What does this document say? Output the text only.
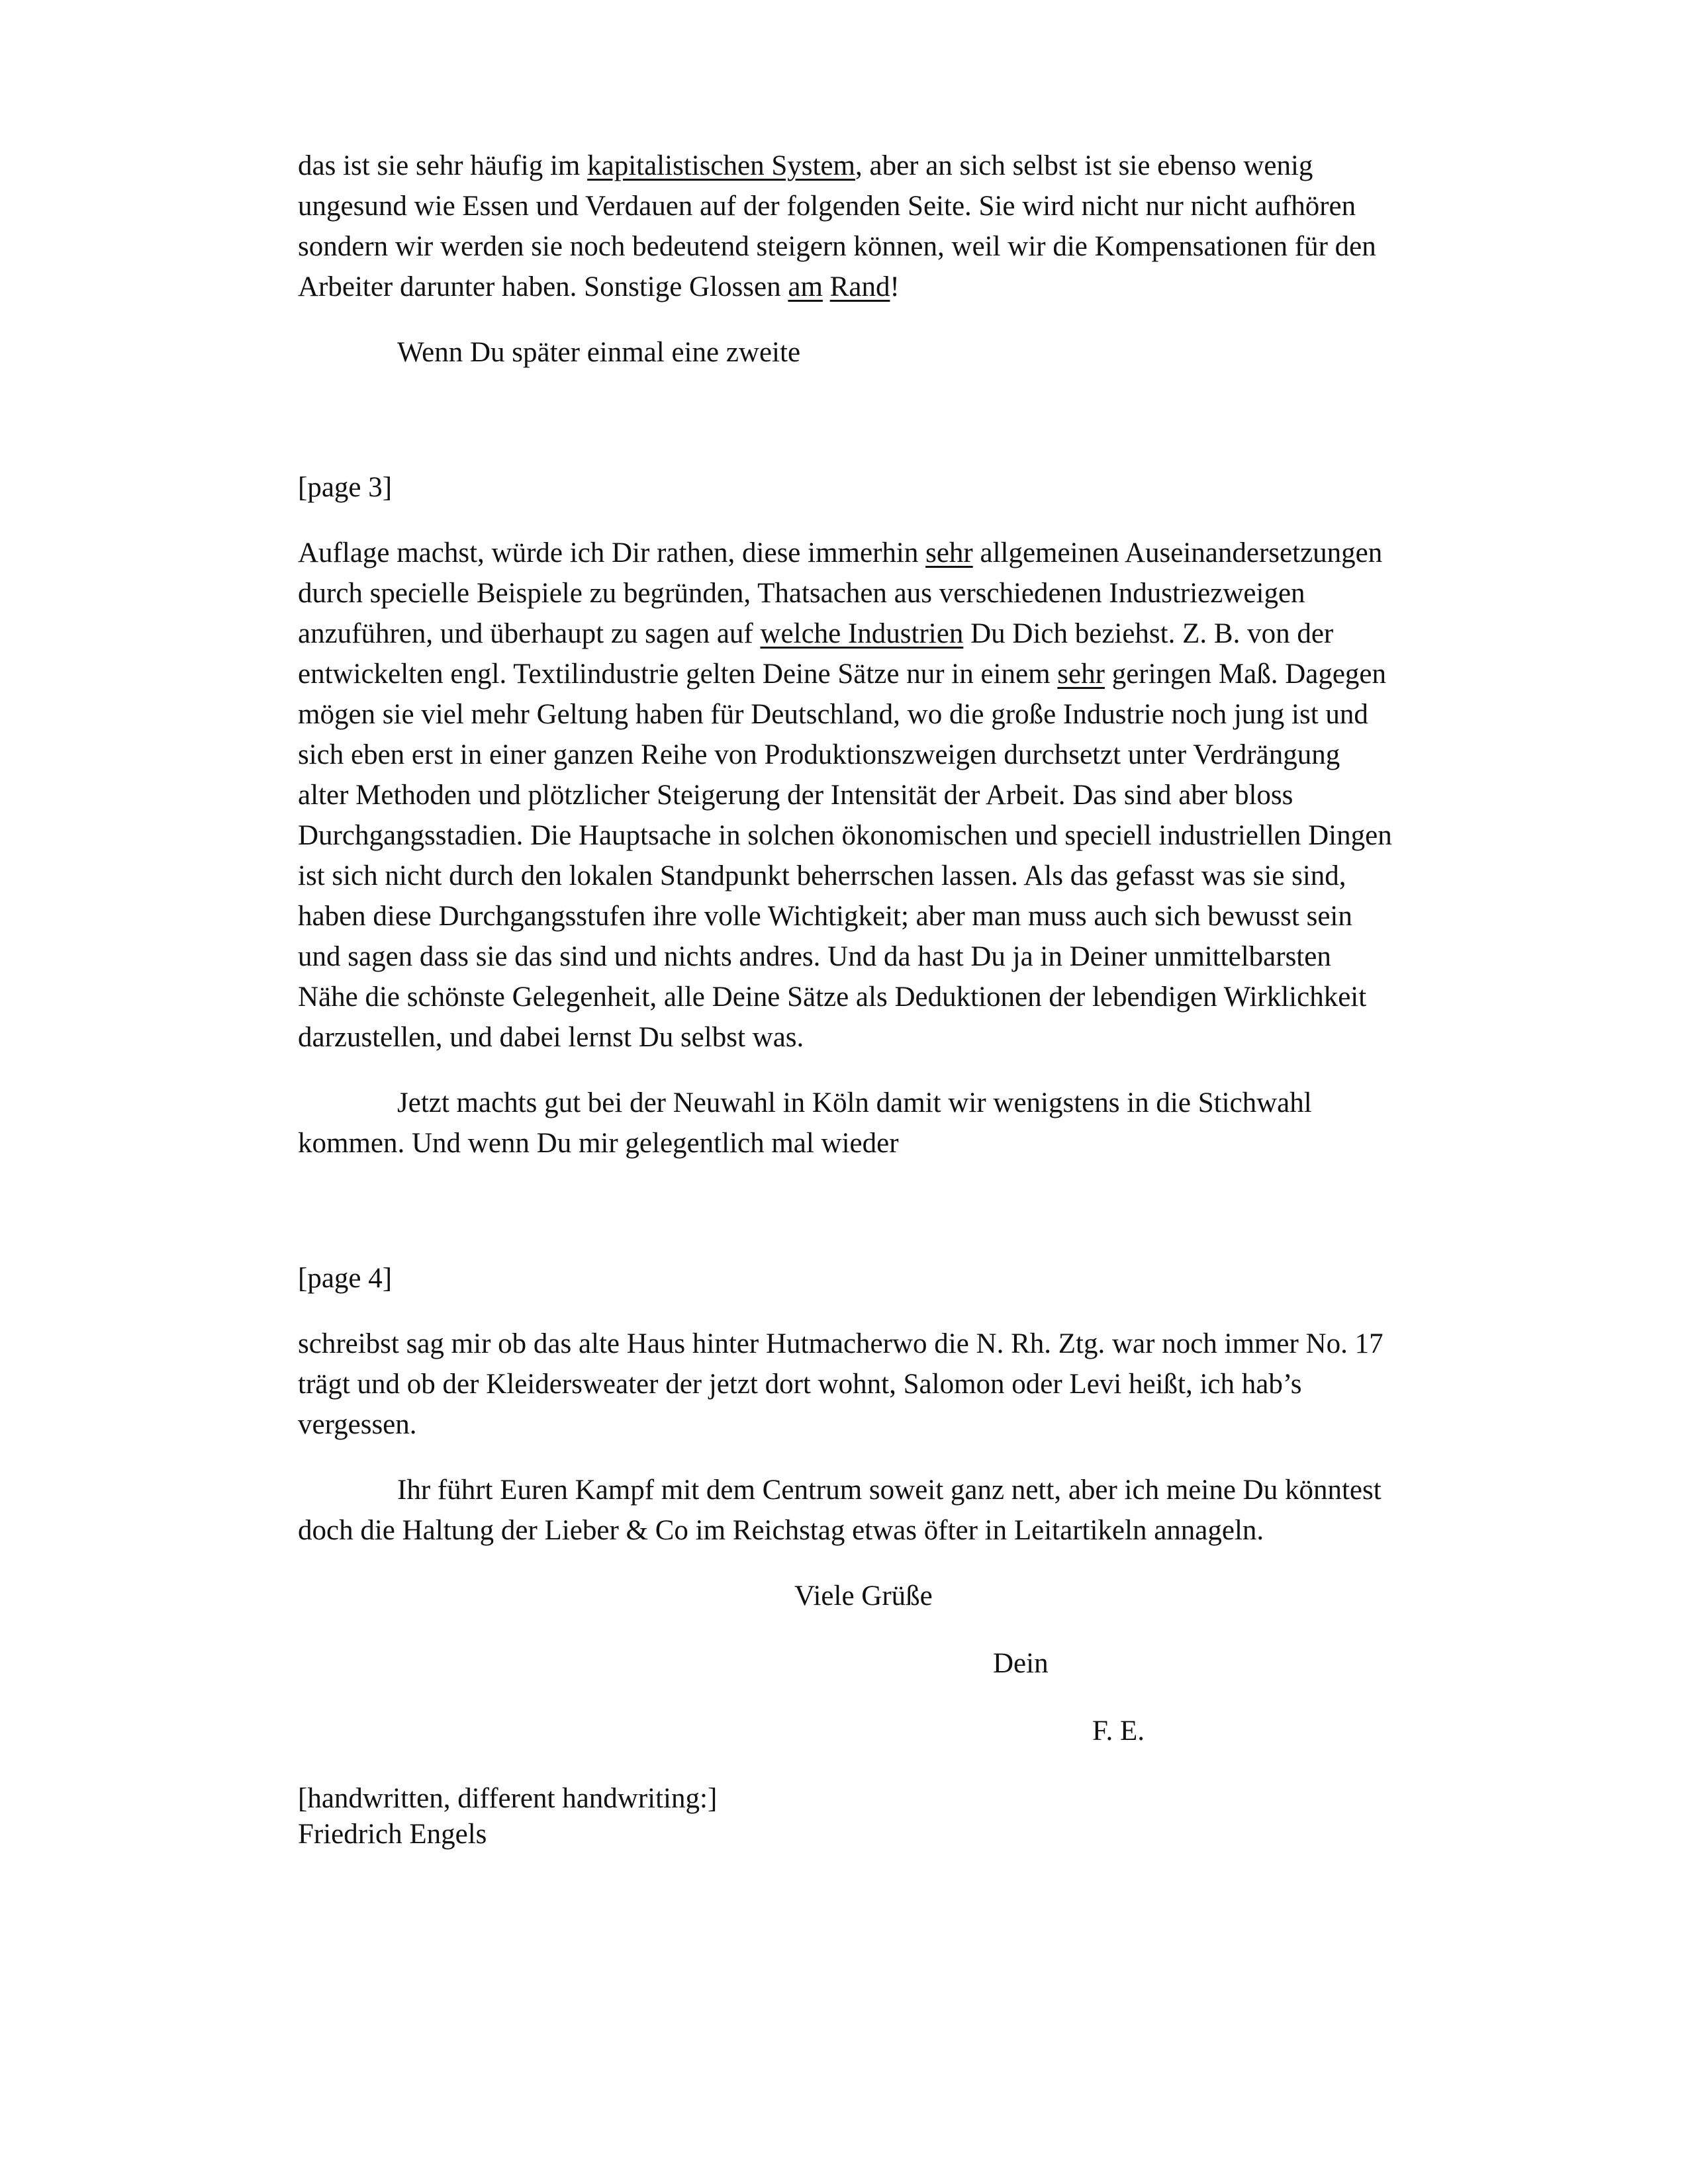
das ist sie sehr häufig im kapitalistischen System, aber an sich selbst ist sie ebenso wenig ungesund wie Essen und Verdauen auf der folgenden Seite. Sie wird nicht nur nicht aufhören sondern wir werden sie noch bedeutend steigern können, weil wir die Kompensationen für den Arbeiter darunter haben. Sonstige Glossen am Rand!

Wenn Du später einmal eine zweite

[page 3]

Auflage machst, würde ich Dir rathen, diese immerhin sehr allgemeinen Auseinandersetzungen durch specielle Beispiele zu begründen, Thatsachen aus verschiedenen Industriezweigen anzuführen, und überhaupt zu sagen auf welche Industrien Du Dich beziehst. Z. B. von der entwickelten engl. Textilindustrie gelten Deine Sätze nur in einem sehr geringen Maß. Dagegen mögen sie viel mehr Geltung haben für Deutschland, wo die große Industrie noch jung ist und sich eben erst in einer ganzen Reihe von Produktionszweigen durchsetzt unter Verdrängung alter Methoden und plötzlicher Steigerung der Intensität der Arbeit. Das sind aber bloss Durchgangsstadien. Die Hauptsache in solchen ökonomischen und speciell industriellen Dingen ist sich nicht durch den lokalen Standpunkt beherrschen lassen. Als das gefasst was sie sind, haben diese Durchgangsstufen ihre volle Wichtigkeit; aber man muss auch sich bewusst sein und sagen dass sie das sind und nichts andres. Und da hast Du ja in Deiner unmittelbarsten Nähe die schönste Gelegenheit, alle Deine Sätze als Deduktionen der lebendigen Wirklichkeit darzustellen, und dabei lernst Du selbst was.

Jetzt machts gut bei der Neuwahl in Köln damit wir wenigstens in die Stichwahl kommen. Und wenn Du mir gelegentlich mal wieder

[page 4]

schreibst sag mir ob das alte Haus hinter Hutmacherwo die N. Rh. Ztg. war noch immer No. 17 trägt und ob der Kleidersweater der jetzt dort wohnt, Salomon oder Levi heißt, ich hab’s vergessen.

Ihr führt Euren Kampf mit dem Centrum soweit ganz nett, aber ich meine Du könntest doch die Haltung der Lieber & Co im Reichstag etwas öfter in Leitartikeln annageln.

Viele Grüße

Dein

F. E.

[handwritten, different handwriting:]

Friedrich Engels
